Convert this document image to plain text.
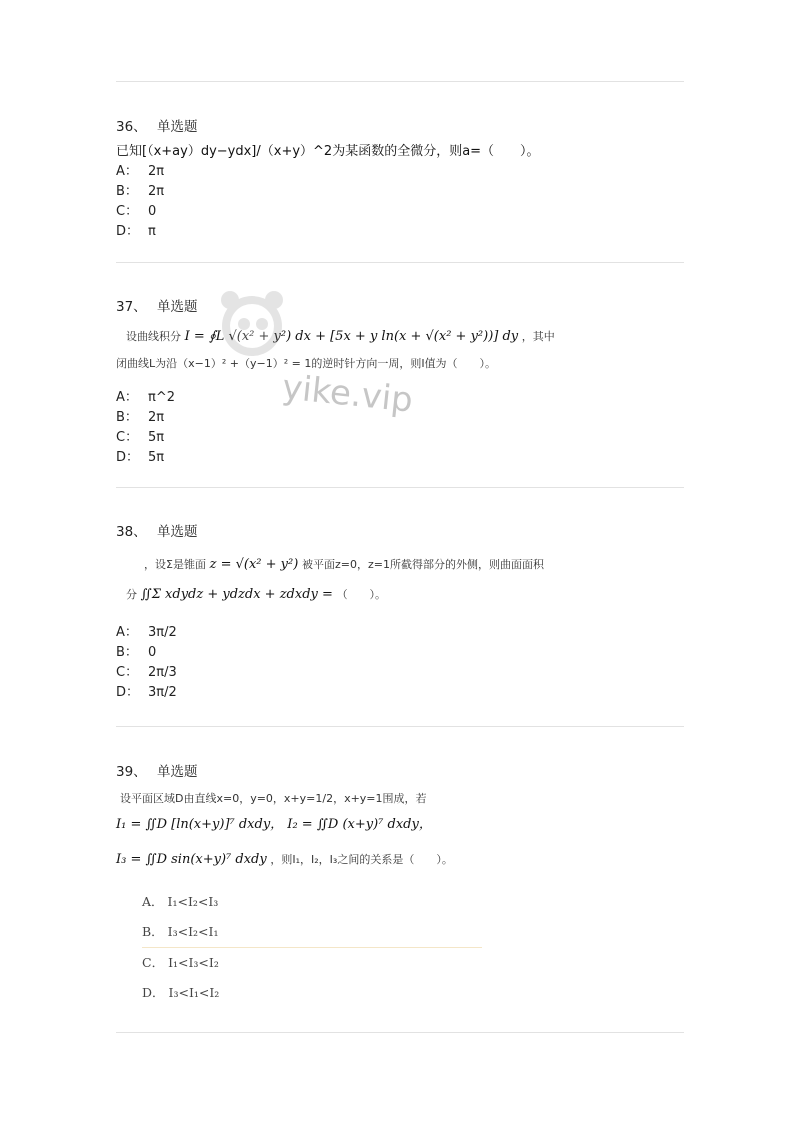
36、 单选题
已知[（x+ay）dy−ydx]/（x+y）^2为某函数的全微分，则a=（　　）。
A： 2π
B： 2π
C： 0
D： π
37、 单选题
设曲线积分 I = ∮L √(x² + y²) dx + [5x + y ln(x + √(x² + y²))] dy ，其中
闭曲线L为沿（x−1）² +（y−1）² = 1的逆时针方向一周，则I值为（　　）。
A： π^2
B： 2π
C： 5π
D： 5π
yike.vip
38、 单选题
，设Σ是锥面 z = √(x² + y²) 被平面z=0，z=1所截得部分的外侧，则曲面面积
分 ∬Σ xdydz + ydzdx + zdxdy = （　　）。
A： 3π/2
B： 0
C： 2π/3
D： 3π/2
39、 单选题
设平面区域D由直线x=0，y=0，x+y=1/2，x+y=1围成，若
I₁ = ∬D [ln(x+y)]⁷ dxdy， I₂ = ∬D (x+y)⁷ dxdy，
I₃ = ∬D sin(x+y)⁷ dxdy ，则I₁，I₂，I₃之间的关系是（　　）。
A． I₁<I₂<I₃
B． I₃<I₂<I₁
C． I₁<I₃<I₂
D． I₃<I₁<I₂
